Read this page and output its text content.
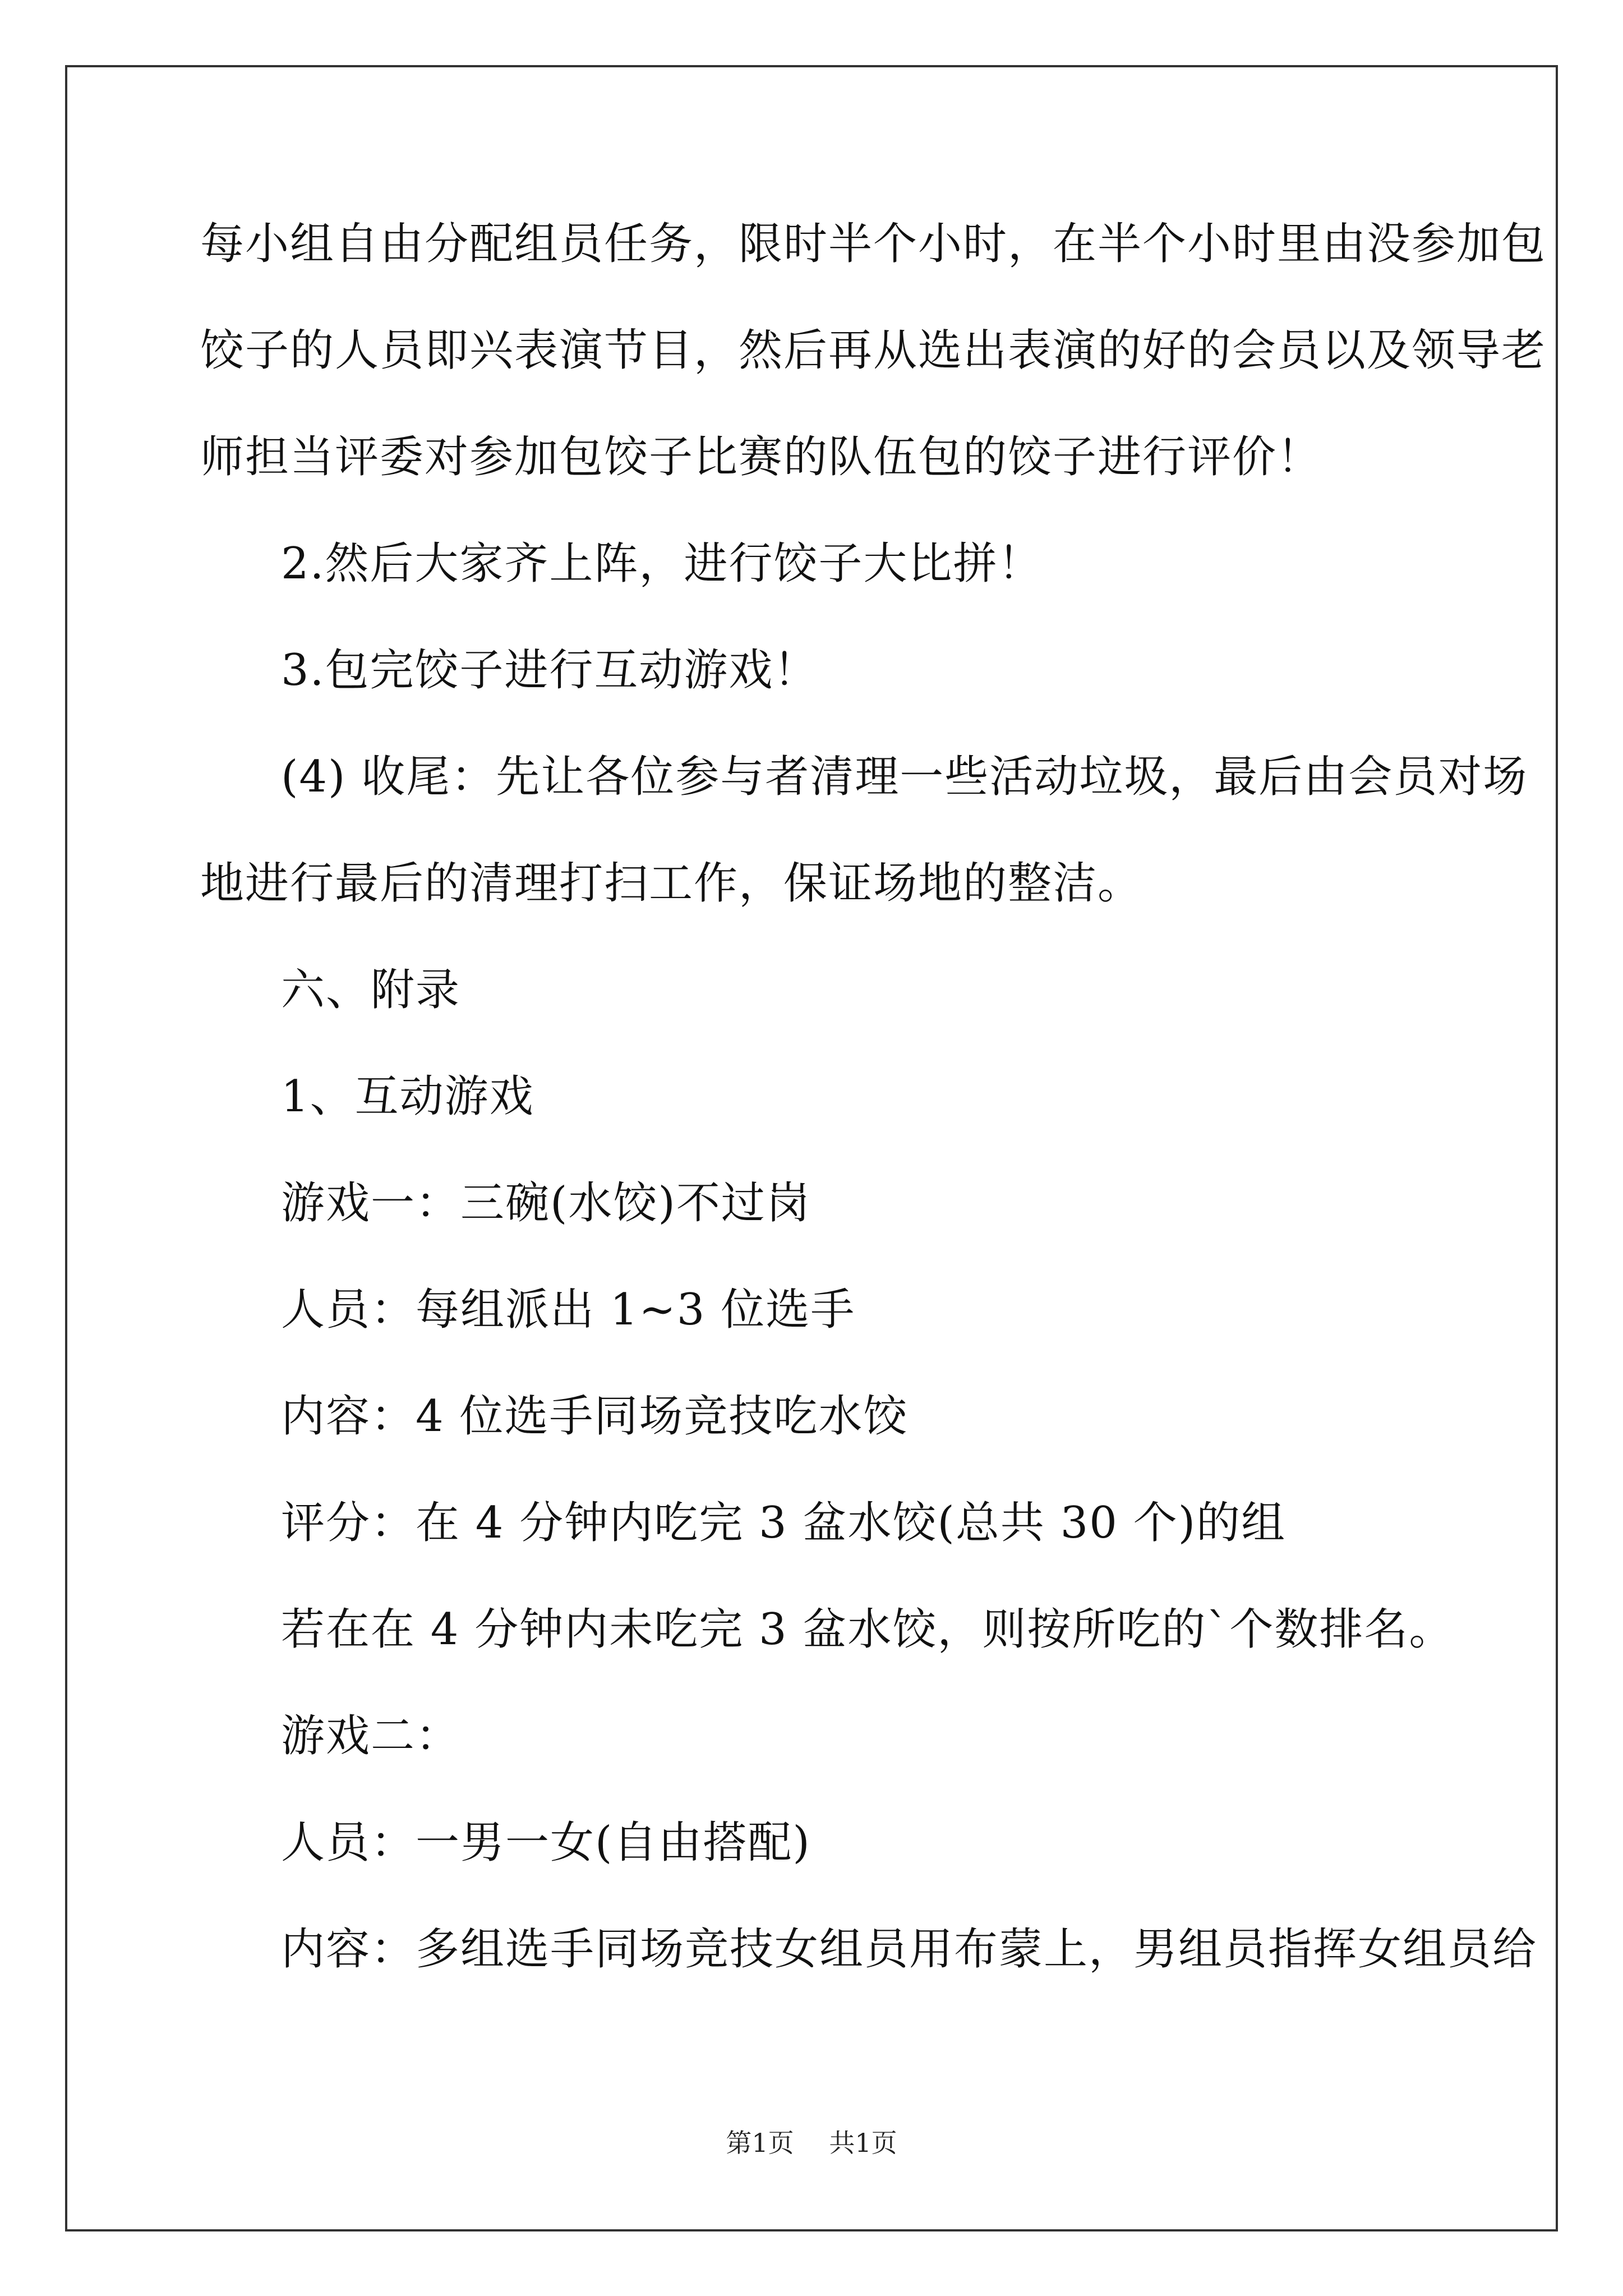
每小组自由分配组员任务，限时半个小时，在半个小时里由没参加包
饺子的人员即兴表演节目，然后再从选出表演的好的会员以及领导老
师担当评委对参加包饺子比赛的队伍包的饺子进行评价！
2.然后大家齐上阵，进行饺子大比拼！
3.包完饺子进行互动游戏！
(4) 收尾：先让各位参与者清理一些活动垃圾，最后由会员对场
地进行最后的清理打扫工作，保证场地的整洁。
六、附录
1、互动游戏
游戏一：三碗(水饺)不过岗
人员：每组派出 1~3 位选手
内容：4 位选手同场竞技吃水饺
评分：在 4 分钟内吃完 3 盆水饺(总共 30 个)的组
若在在 4 分钟内未吃完 3 盆水饺，则按所吃的`个数排名。
游戏二：
人员：一男一女(自由搭配)
内容：多组选手同场竞技女组员用布蒙上，男组员指挥女组员给
第1页 共1页
